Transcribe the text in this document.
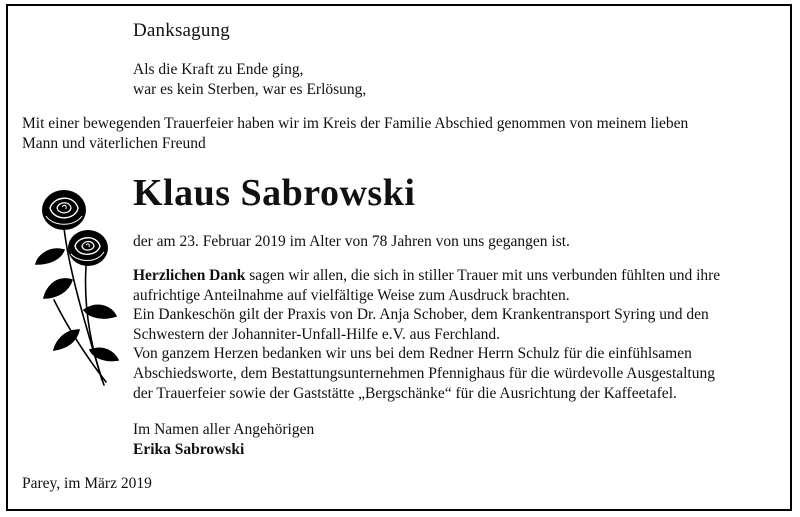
Danksagung
Als die Kraft zu Ende ging,
war es kein Sterben, war es Erlösung,
Mit einer bewegenden Trauerfeier haben wir im Kreis der Familie Abschied genommen von meinem lieben
Mann und väterlichen Freund
Klaus Sabrowski
der am 23. Februar 2019 im Alter von 78 Jahren von uns gegangen ist.
Herzlichen Dank sagen wir allen, die sich in stiller Trauer mit uns verbunden fühlten und ihre
aufrichtige Anteilnahme auf vielfältige Weise zum Ausdruck brachten.
Ein Dankeschön gilt der Praxis von Dr. Anja Schober, dem Krankentransport Syring und den
Schwestern der Johanniter-Unfall-Hilfe e.V. aus Ferchland.
Von ganzem Herzen bedanken wir uns bei dem Redner Herrn Schulz für die einfühlsamen
Abschiedsworte, dem Bestattungsunternehmen Pfennighaus für die würdevolle Ausgestaltung
der Trauerfeier sowie der Gaststätte „Bergschänke“ für die Ausrichtung der Kaffeetafel.
Im Namen aller Angehörigen
Erika Sabrowski
Parey, im März 2019
